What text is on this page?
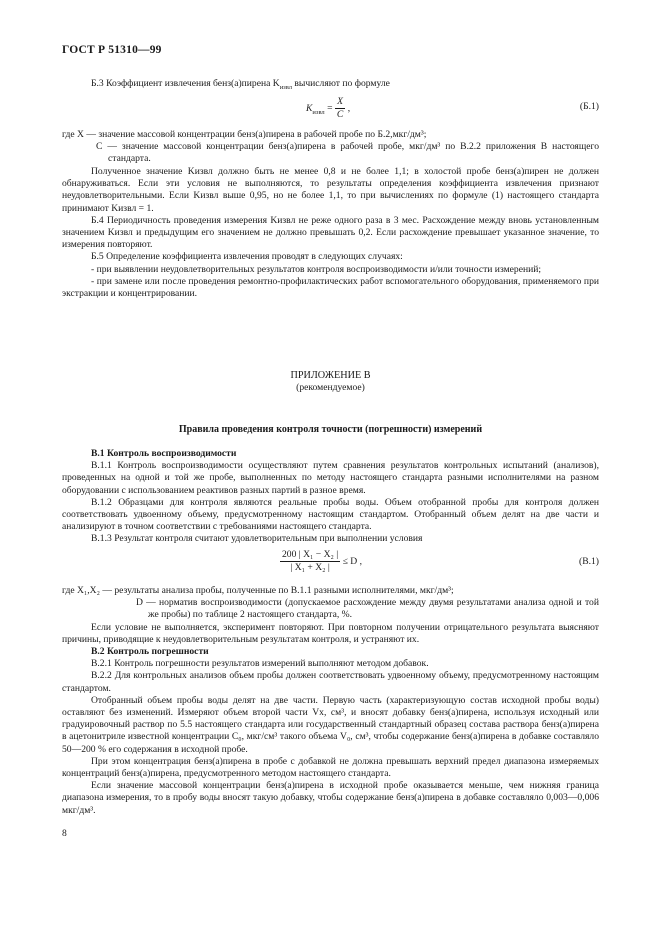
ГОСТ Р 51310—99

Б.3 Коэффициент извлечения бенз(а)пирена $K_{извл}$ вычисляют по формуле

$K_{извл} = \frac{X}{C}$ ,	(Б.1)

где X — значение массовой концентрации бенз(а)пирена в рабочей пробе по Б.2,мкг/дм³;

C — значение массовой концентрации бенз(а)пирена в рабочей пробе, мкг/дм³ по В.2.2 приложения В настоящего стандарта.

Полученное значение Kизвл должно быть не менее 0,8 и не более 1,1; в холостой пробе бенз(а)пирен не должен обнаруживаться. Если эти условия не выполняются, то результаты определения коэффициента извлечения признают неудовлетворительными. Если Kизвл выше 0,95, но не более 1,1, то при вычислениях по формуле (1) настоящего стандарта принимают Kизвл = 1.

Б.4 Периодичность проведения измерения Kизвл не реже одного раза в 3 мес. Расхождение между вновь установленным значением Kизвл и предыдущим его значением не должно превышать 0,2. Если расхождение превышает указанное значение, то измерения повторяют.

Б.5 Определение коэффициента извлечения проводят в следующих случаях:

- при выявлении неудовлетворительных результатов контроля воспроизводимости и/или точности измерений;

- при замене или после проведения ремонтно-профилактических работ вспомогательного оборудования, применяемого при экстракции и концентрировании.

ПРИЛОЖЕНИЕ В
(рекомендуемое)
Правила проведения контроля точности (погрешности) измерений

В.1 Контроль воспроизводимости

В.1.1 Контроль воспроизводимости осуществляют путем сравнения результатов контрольных испытаний (анализов), проведенных на одной и той же пробе, выполненных по методу настоящего стандарта разными исполнителями на разном оборудовании с использованием реактивов разных партий в разное время.

В.1.2 Образцами для контроля являются реальные пробы воды. Объем отобранной пробы для контроля должен соответствовать удвоенному объему, предусмотренному настоящим стандартом. Отобранный объем делят на две части и анализируют в точном соответствии с требованиями настоящего стандарта.

В.1.3 Результат контроля считают удовлетворительным при выполнении условия

$\frac{\text{200 | X₁ − X₂ |}}{\text{| X₁ + X₂ |}} \le D$ ,	(В.1)

где X₁,X₂ — результаты анализа пробы, полученные по В.1.1 разными исполнителями, мкг/дм³;

D — норматив воспроизводимости (допускаемое расхождение между двумя результатами анализа одной и той же пробы) по таблице 2 настоящего стандарта, %.

Если условие не выполняется, эксперимент повторяют. При повторном получении отрицательного результата выясняют причины, приводящие к неудовлетворительным результатам контроля, и устраняют их.

В.2 Контроль погрешности

В.2.1 Контроль погрешности результатов измерений выполняют методом добавок.

В.2.2 Для контрольных анализов объем пробы должен соответствовать удвоенному объему, предусмотренному настоящим стандартом.

Отобранный объем пробы воды делят на две части. Первую часть (характеризующую состав исходной пробы воды) оставляют без изменений. Измеряют объем второй части Vx, см³, и вносят добавку бенз(а)пирена, используя исходный или градуировочный раствор по 5.5 настоящего стандарта или государственный стандартный образец состава раствора бенз(а)пирена в ацетонитриле известной концентрации C₀, мкг/см³ такого объема V₀, см³, чтобы содержание бенз(а)пирена в добавке составляло 50—200 % его содержания в исходной пробе.

При этом концентрация бенз(а)пирена в пробе с добавкой не должна превышать верхний предел диапазона измеряемых концентраций бенз(а)пирена, предусмотренного методом настоящего стандарта.

Если значение массовой концентрации бенз(а)пирена в исходной пробе оказывается меньше, чем нижняя граница диапазона измерения, то в пробу воды вносят такую добавку, чтобы содержание бенз(а)пирена в добавке составляло 0,003—0,006 мкг/дм³.

8
